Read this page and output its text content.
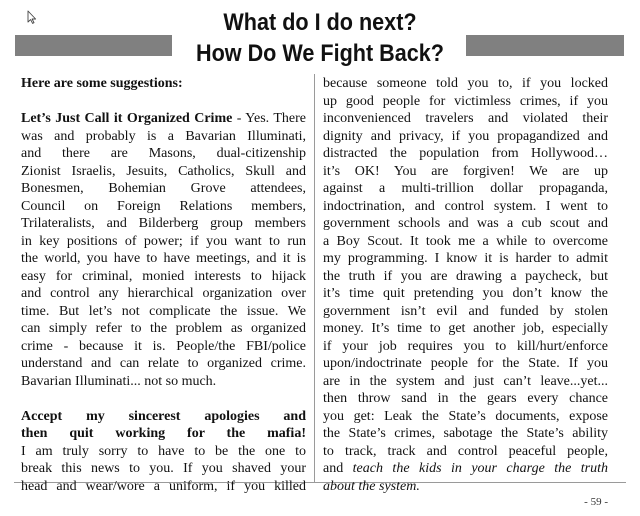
What do I do next?
How Do We Fight Back?
Here are some suggestions:
Let’s Just Call it Organized Crime - Yes. There
was and probably is a Bavarian Illuminati,
and there are Masons, dual-citizenship
Zionist Israelis, Jesuits, Catholics, Skull and
Bonesmen, Bohemian Grove attendees,
Council on Foreign Relations members,
Trilateralists, and Bilderberg group members
in key positions of power; if you want to run
the world, you have to have meetings, and it is
easy for criminal, monied interests to hijack
and control any hierarchical organization over
time. But let’s not complicate the issue. We
can simply refer to the problem as organized
crime - because it is. People/the FBI/police
understand and can relate to organized crime.
Bavarian Illuminati... not so much.
Accept my sincerest apologies and
then quit working for the mafia!
I am truly sorry to have to be the one to
break this news to you. If you shaved your
head and wear/wore a uniform, if you killed
because someone told you to, if you locked
up good people for victimless crimes, if you
inconvenienced travelers and violated their
dignity and privacy, if you propagandized and
distracted the population from Hollywood…
it’s OK! You are forgiven! We are up
against a multi-trillion dollar propaganda,
indoctrination, and control system. I went to
government schools and was a cub scout and
a Boy Scout. It took me a while to overcome
my programming. I know it is harder to admit
the truth if you are drawing a paycheck, but
it’s time quit pretending you don’t know the
government isn’t evil and funded by stolen
money. It’s time to get another job, especially
if your job requires you to kill/hurt/enforce
upon/indoctrinate people for the State. If you
are in the system and just can’t leave...yet...
then throw sand in the gears every chance
you get: Leak the State’s documents, expose
the State’s crimes, sabotage the State’s ability
to track, track and control peaceful people,
and teach the kids in your charge the truth
about the system.
- 59 -
